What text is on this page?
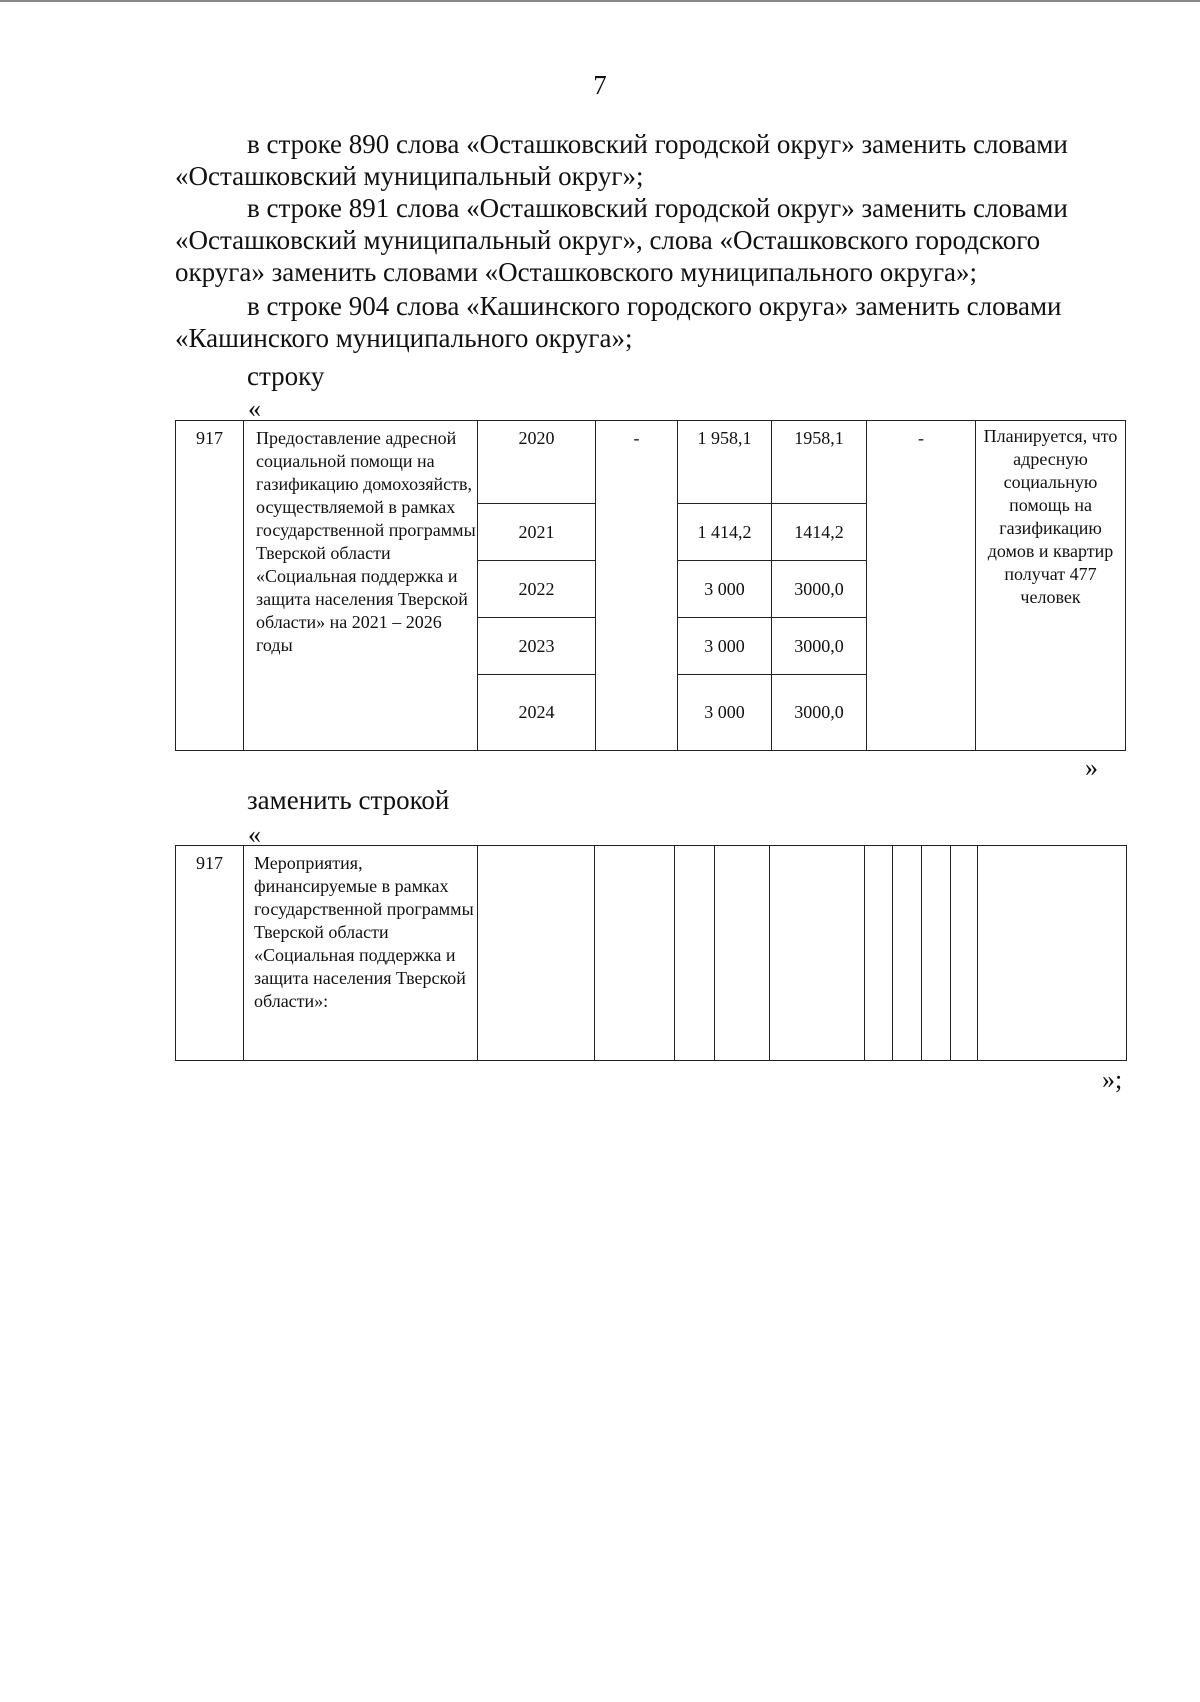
7
в строке 890 слова «Осташковский городской округ» заменить словами
«Осташковский муниципальный округ»;
в строке 891 слова «Осташковский городской округ» заменить словами
«Осташковский муниципальный округ», слова «Осташковского городского
округа» заменить словами «Осташковского муниципального округа»;
в строке 904 слова «Кашинского городского округа» заменить словами
«Кашинского муниципального округа»;
строку
«
917	Предоставление адресной социальной помощи на газификацию домохозяйств, осуществляемой в рамках государственной программы Тверской области «Социальная поддержка и защита населения Тверской области» на 2021 – 2026 годы	2020	-	1 958,1	1958,1	-	Планируется, что адресную социальную помощь на газификацию домов и квартир получат 477 человек
		2021		1 414,2	1414,2		
		2022		3 000	3000,0		
		2023		3 000	3000,0		
		2024		3 000	3000,0		
»
заменить строкой
«
917	Мероприятия, финансируемые в рамках государственной программы Тверской области «Социальная поддержка и защита населения Тверской области»:										
»;
